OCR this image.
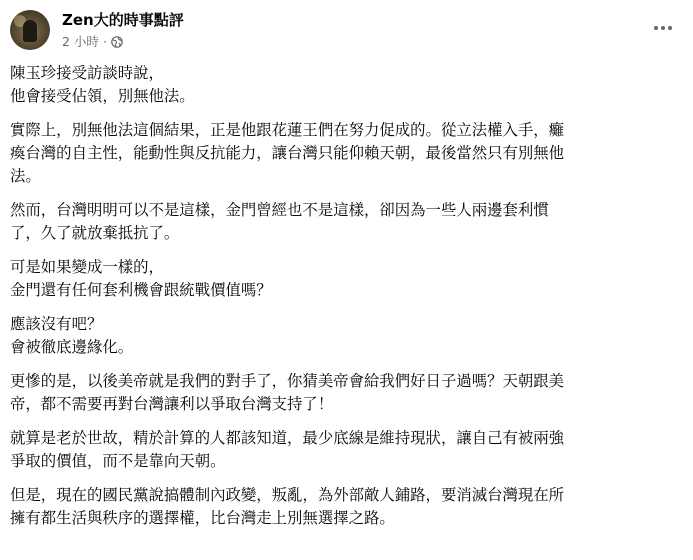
Zen大的時事點評
2 小時 ·
陳玉珍接受訪談時說，
他會接受佔領，別無他法。
實際上，別無他法這個結果，正是他跟花蓮王們在努力促成的。從立法權入手，癱
瘓台灣的自主性，能動性與反抗能力，讓台灣只能仰賴天朝，最後當然只有別無他
法。
然而，台灣明明可以不是這樣，金門曾經也不是這樣，卻因為一些人兩邊套利慣
了，久了就放棄抵抗了。
可是如果變成一樣的，
金門還有任何套利機會跟統戰價值嗎？
應該沒有吧？
會被徹底邊緣化。
更慘的是，以後美帝就是我們的對手了，你猜美帝會給我們好日子過嗎？天朝跟美
帝，都不需要再對台灣讓利以爭取台灣支持了！
就算是老於世故，精於計算的人都該知道，最少底線是維持現狀，讓自己有被兩強
爭取的價值，而不是靠向天朝。
但是，現在的國民黨說搞體制內政變，叛亂，為外部敵人鋪路，要消滅台灣現在所
擁有都生活與秩序的選擇權，比台灣走上別無選擇之路。
